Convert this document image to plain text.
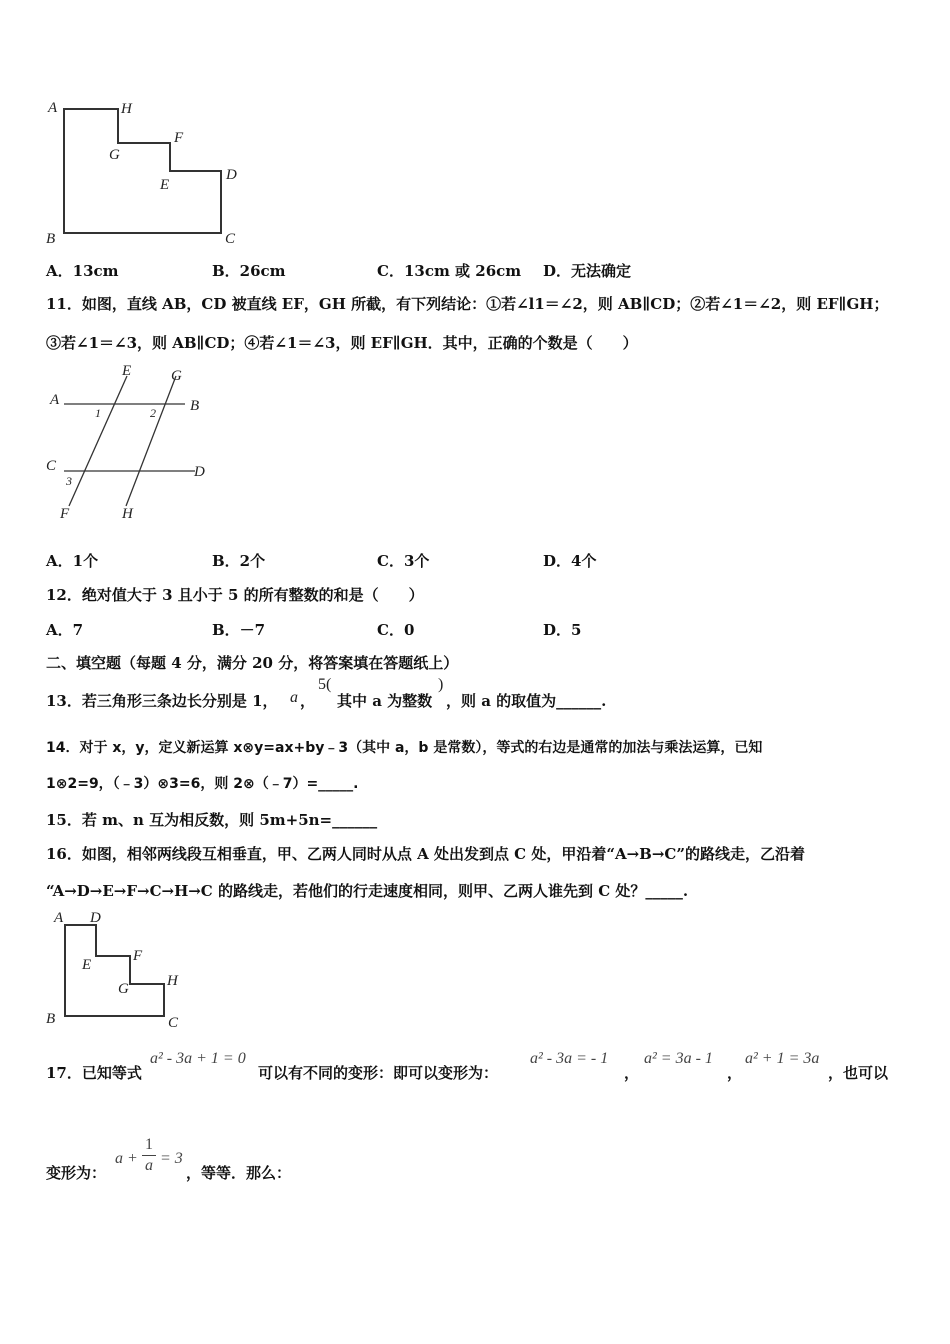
A	H
G
F
E
D
B	C
A．13cm	B．26cm	C．13cm 或 26cm D．无法确定
11．如图，直线 AB，CD 被直线 EF，GH 所截，有下列结论：①若∠l1＝∠2，则 AB∥CD；②若∠1＝∠2，则 EF∥GH；
③若∠1＝∠3，则 AB∥CD；④若∠1＝∠3，则 EF∥GH．其中，正确的个数是（　　）
A
E	G
B
1	2
C	D
3
F	H
A．1个	B．2个	C．3个	D．4个
12．绝对值大于 3 且小于 5 的所有整数的和是（　　）
A．7	B．－7	C．0	D．5
二、填空题（每题 4 分，满分 20 分，将答案填在答题纸上）
13．若三角形三条边长分别是 1， a ，
5(
其中 a 为整数
)
，则 a 的取值为______.
14．对于 x，y，定义新运算 x⊗y=ax+by﹣3（其中 a，b 是常数），等式的右边是通常的加法与乘法运算，已知
1⊗2=9，（﹣3）⊗3=6，则 2⊗（﹣7）=_____.
15．若 m、n 互为相反数，则 5m+5n=______
16．如图，相邻两线段互相垂直，甲、乙两人同时从点 A 处出发到点 C 处，甲沿着“A→B→C”的路线走，乙沿着
“A→D→E→F→C→H→C 的路线走，若他们的行走速度相同，则甲、乙两人谁先到 C 处？_____.
A D
E
F
G	H
B	C
17．已知等式
a² - 3a + 1 = 0
可以有不同的变形：即可以变形为：
a² - 3a = - 1
，
a² = 3a - 1
，
a² + 1 = 3a
，也可以
变形为：
a +
1
a = 3
，等等．那么：
